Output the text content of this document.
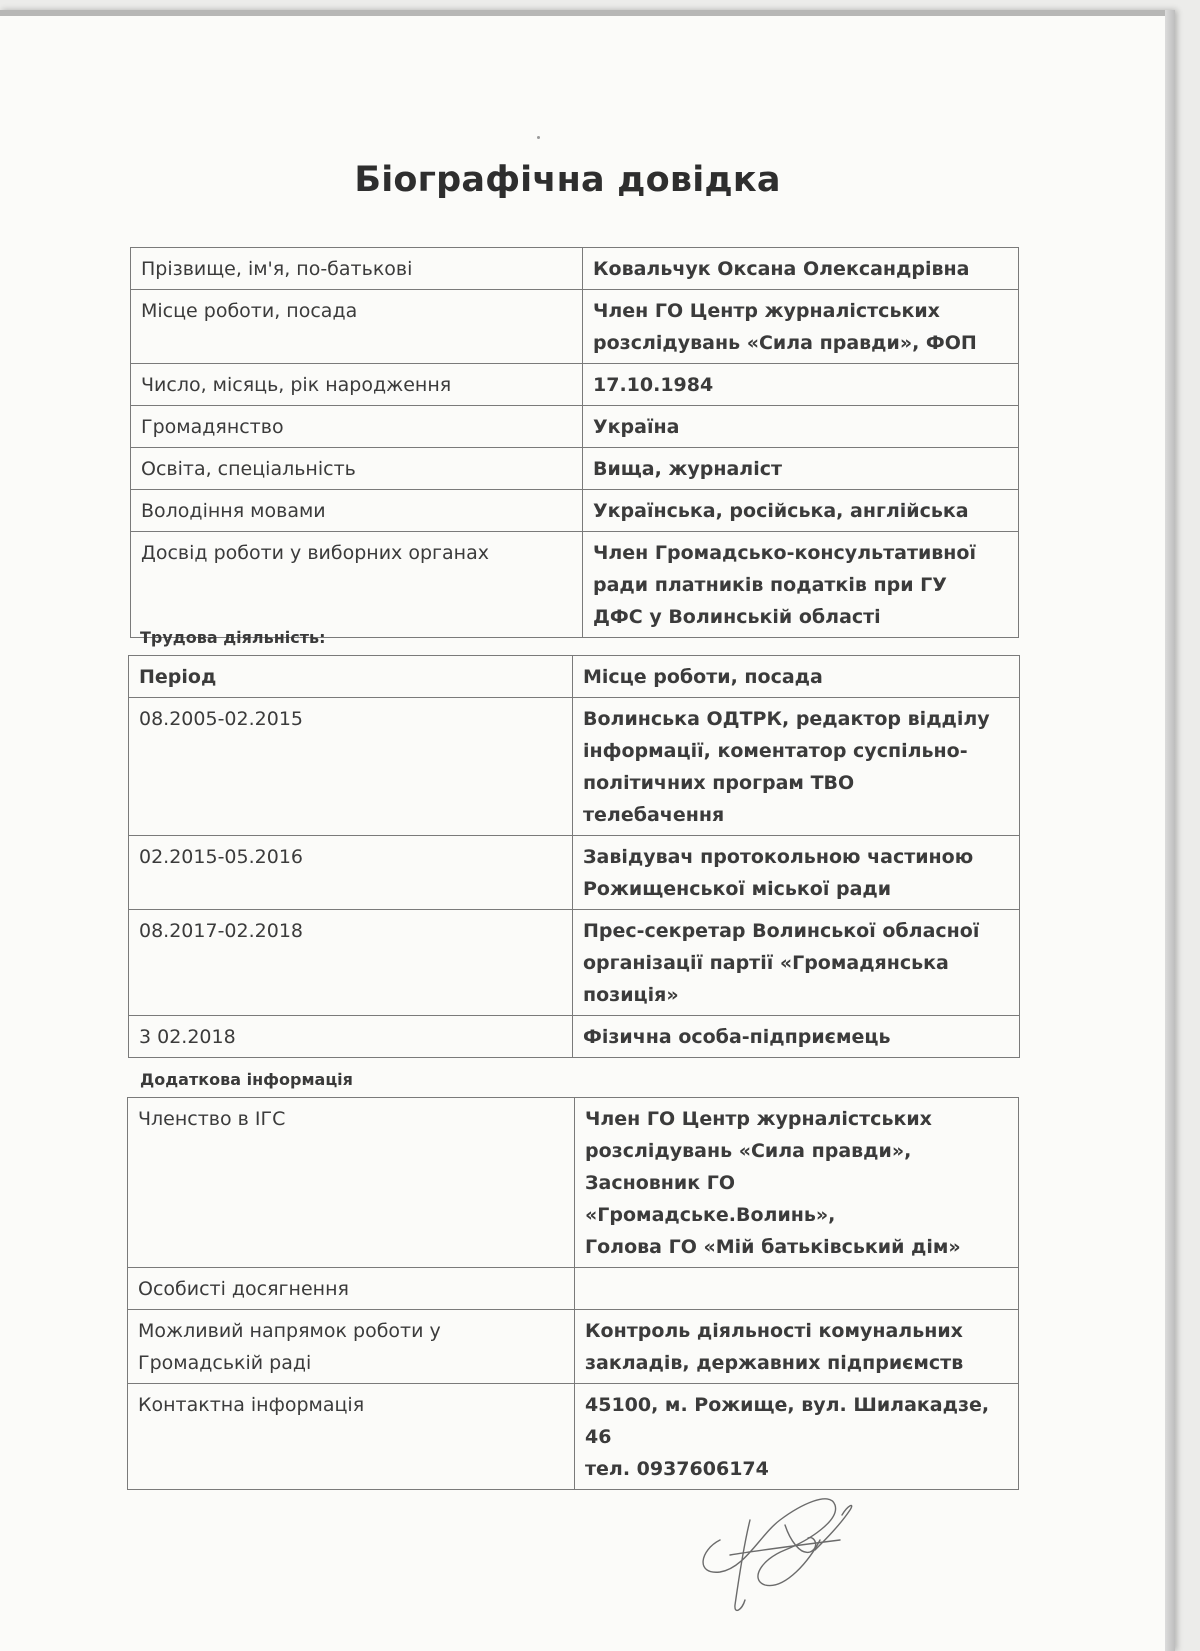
Біографічна довідка
Прізвище, ім'я, по-батькові	Ковальчук Оксана Олександрівна

Місце роботи, посада	Член ГО Центр журналістських
розслідувань «Сила правди», ФОП

Число, місяць, рік народження	17.10.1984

Громадянство	Україна

Освіта, спеціальність	Вища, журналіст

Володіння мовами	Українська, російська, англійська

Досвід роботи у виборних органах	Член Громадсько-консультативної
ради платників податків при ГУ
ДФС у Волинській області

Трудова діяльність:

Період	Місце роботи, посада
08.2005-02.2015	Волинська ОДТРК, редактор відділу
інформації, коментатор суспільно-
політичних програм ТВО
телебачення

02.2015-05.2016	Завідувач протокольною частиною
Рожищенської міської ради

08.2017-02.2018	Прес-секретар Волинської обласної
організації партії «Громадянська
позиція»

3 02.2018	Фізична особа-підприємець

Додаткова інформація

Членство в ІГС	Член ГО Центр журналістських
розслідувань «Сила правди»,
Засновник ГО
«Громадське.Волинь»,
Голова ГО «Мій батьківський дім»

Особисті досягнення	

Можливий напрямок роботи у
Громадській раді	Контроль діяльності комунальних
закладів, державних підприємств

Контактна інформація	45100, м. Рожище, вул. Шилакадзе,
46
тел. 0937606174
